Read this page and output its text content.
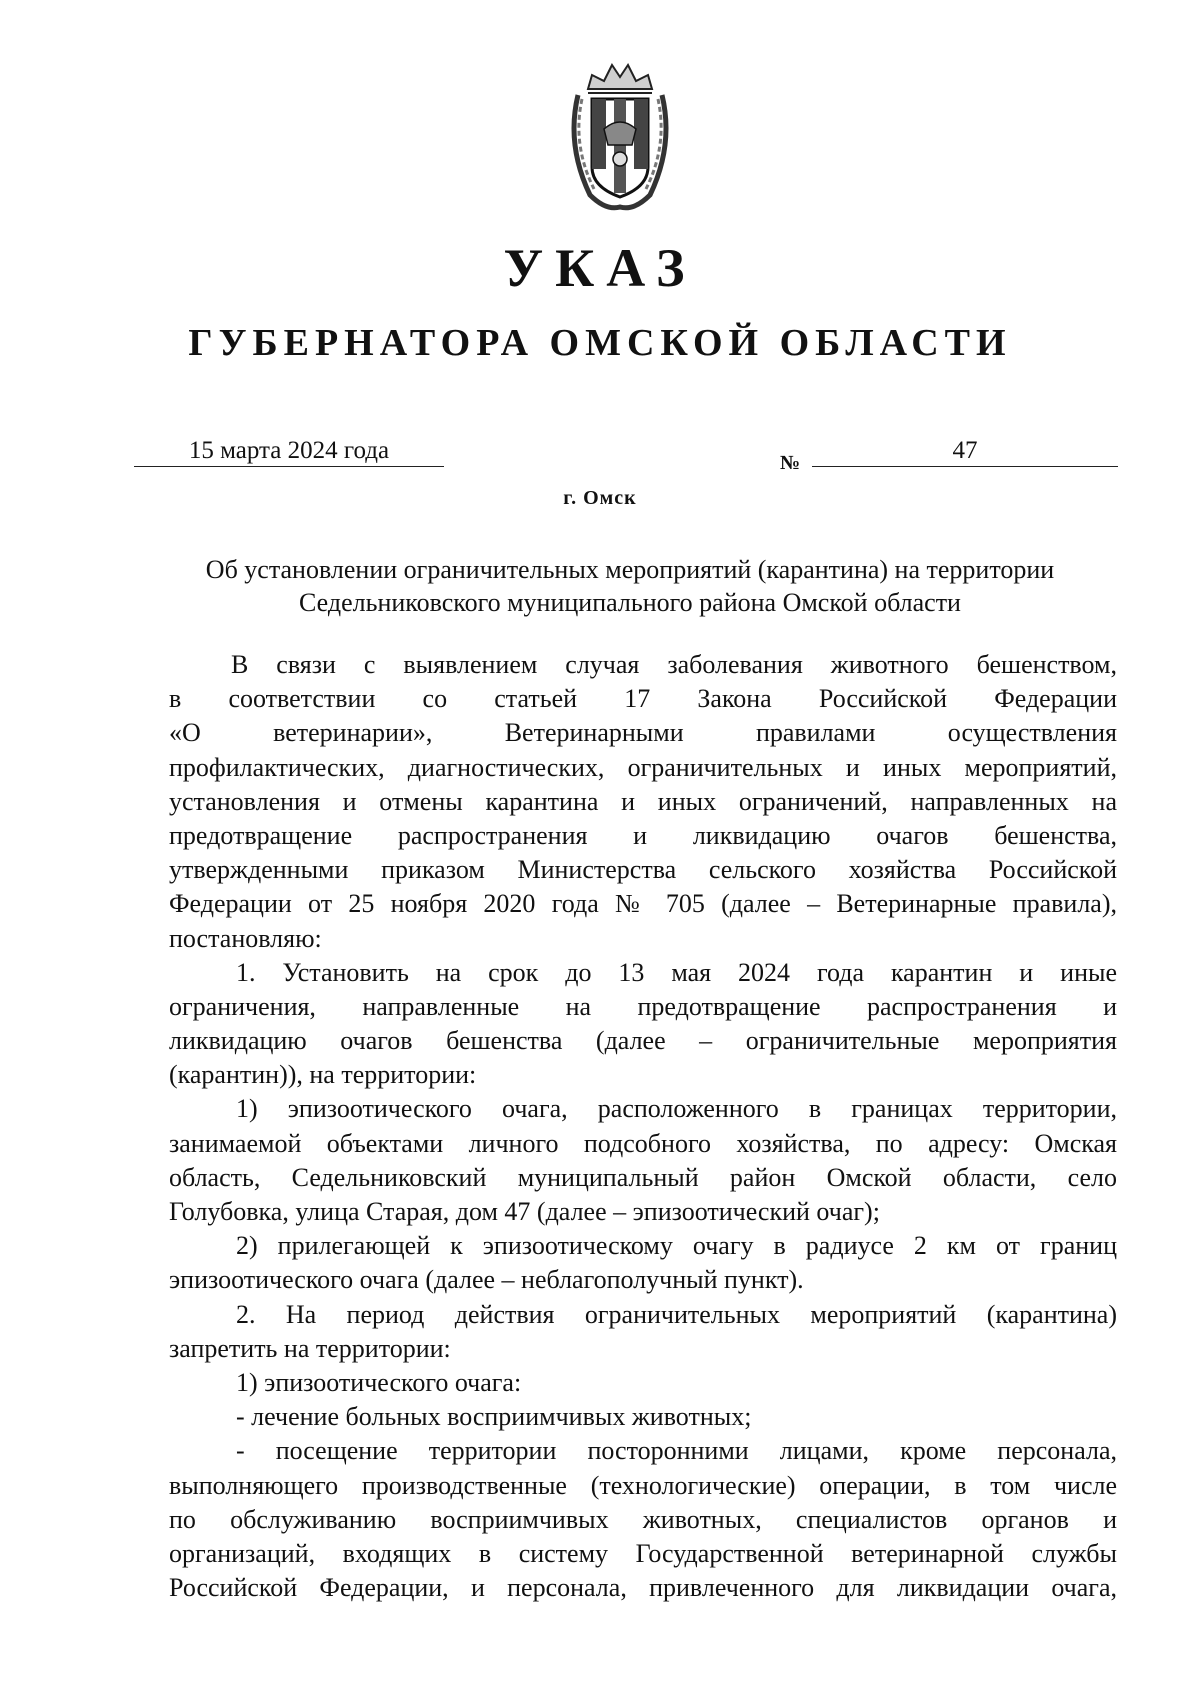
УКАЗ
ГУБЕРНАТОРА ОМСКОЙ ОБЛАСТИ
15 марта 2024 года	№	47
г. Омск
Об установлении ограничительных мероприятий (карантина) на территории
Седельниковского муниципального района Омской области
В связи с выявлением случая заболевания животного бешенством,
в соответствии со статьей 17 Закона Российской Федерации
«О ветеринарии», Ветеринарными правилами осуществления
профилактических, диагностических, ограничительных и иных мероприятий,
установления и отмены карантина и иных ограничений, направленных на
предотвращение распространения и ликвидацию очагов бешенства,
утвержденными приказом Министерства сельского хозяйства Российской
Федерации от 25 ноября 2020 года № 705 (далее – Ветеринарные правила),
постановляю:
1. Установить на срок до 13 мая 2024 года карантин и иные
ограничения, направленные на предотвращение распространения и
ликвидацию очагов бешенства (далее – ограничительные мероприятия
(карантин)), на территории:
1) эпизоотического очага, расположенного в границах территории,
занимаемой объектами личного подсобного хозяйства, по адресу: Омская
область, Седельниковский муниципальный район Омской области, село
Голубовка, улица Старая, дом 47 (далее – эпизоотический очаг);
2) прилегающей к эпизоотическому очагу в радиусе 2 км от границ
эпизоотического очага (далее – неблагополучный пункт).
2. На период действия ограничительных мероприятий (карантина)
запретить на территории:
1) эпизоотического очага:
- лечение больных восприимчивых животных;
- посещение территории посторонними лицами, кроме персонала,
выполняющего производственные (технологические) операции, в том числе
по обслуживанию восприимчивых животных, специалистов органов и
организаций, входящих в систему Государственной ветеринарной службы
Российской Федерации, и персонала, привлеченного для ликвидации очага,
